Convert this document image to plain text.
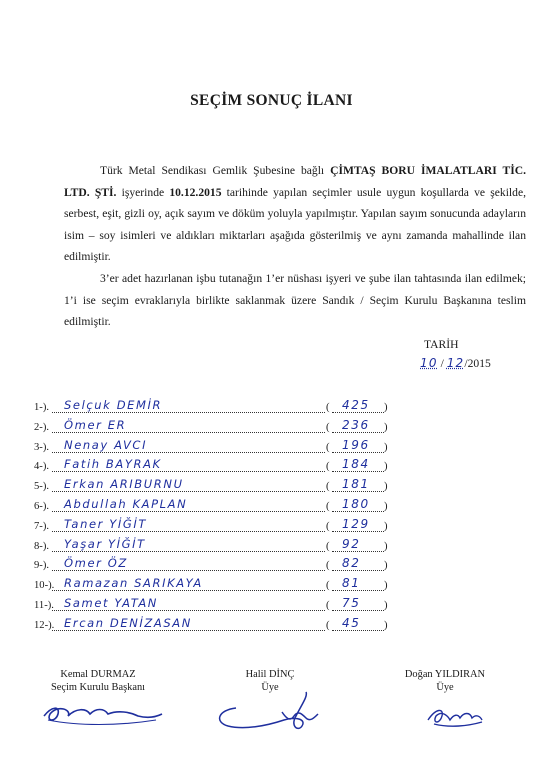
SEÇİM SONUÇ İLANI
Türk Metal Sendikası Gemlik Şubesine bağlı ÇİMTAŞ BORU İMALATLARI TİC. LTD. ŞTİ. işyerinde 10.12.2015 tarihinde yapılan seçimler usule uygun koşullarda ve şekilde, serbest, eşit, gizli oy, açık sayım ve döküm yoluyla yapılmıştır. Yapılan sayım sonucunda adayların isim – soy isimleri ve aldıkları miktarları aşağıda gösterilmiş ve aynı zamanda mahallinde ilan edilmiştir.
3’er adet hazırlanan işbu tutanağın 1’er nüshası işyeri ve şube ilan tahtasında ilan edilmek; 1’i ise seçim evraklarıyla birlikte saklanmak üzere Sandık / Seçim Kurulu Başkanına teslim edilmiştir.
TARİH
10 / 12/2015
1-). Selçuk DEMİR	( 425 )
2-). Ömer ER	( 236 )
3-). Nenay AVCI	( 196 )
4-). Fatih BAYRAK	( 184 )
5-). Erkan ARIBURNU	( 181 )
6-). Abdullah KAPLAN	( 180 )
7-). Taner YİĞİT	( 129 )
8-). Yaşar YİĞİT	( 92 )
9-). Ömer ÖZ	( 82 )
10-). Ramazan SARIKAYA	( 81 )
11-). Samet YATAN	( 75 )
12-). Ercan DENİZASAN	( 45 )
Kemal DURMAZ
Seçim Kurulu Başkanı
Halil DİNÇ
Üye
Doğan YILDIRAN
Üye
